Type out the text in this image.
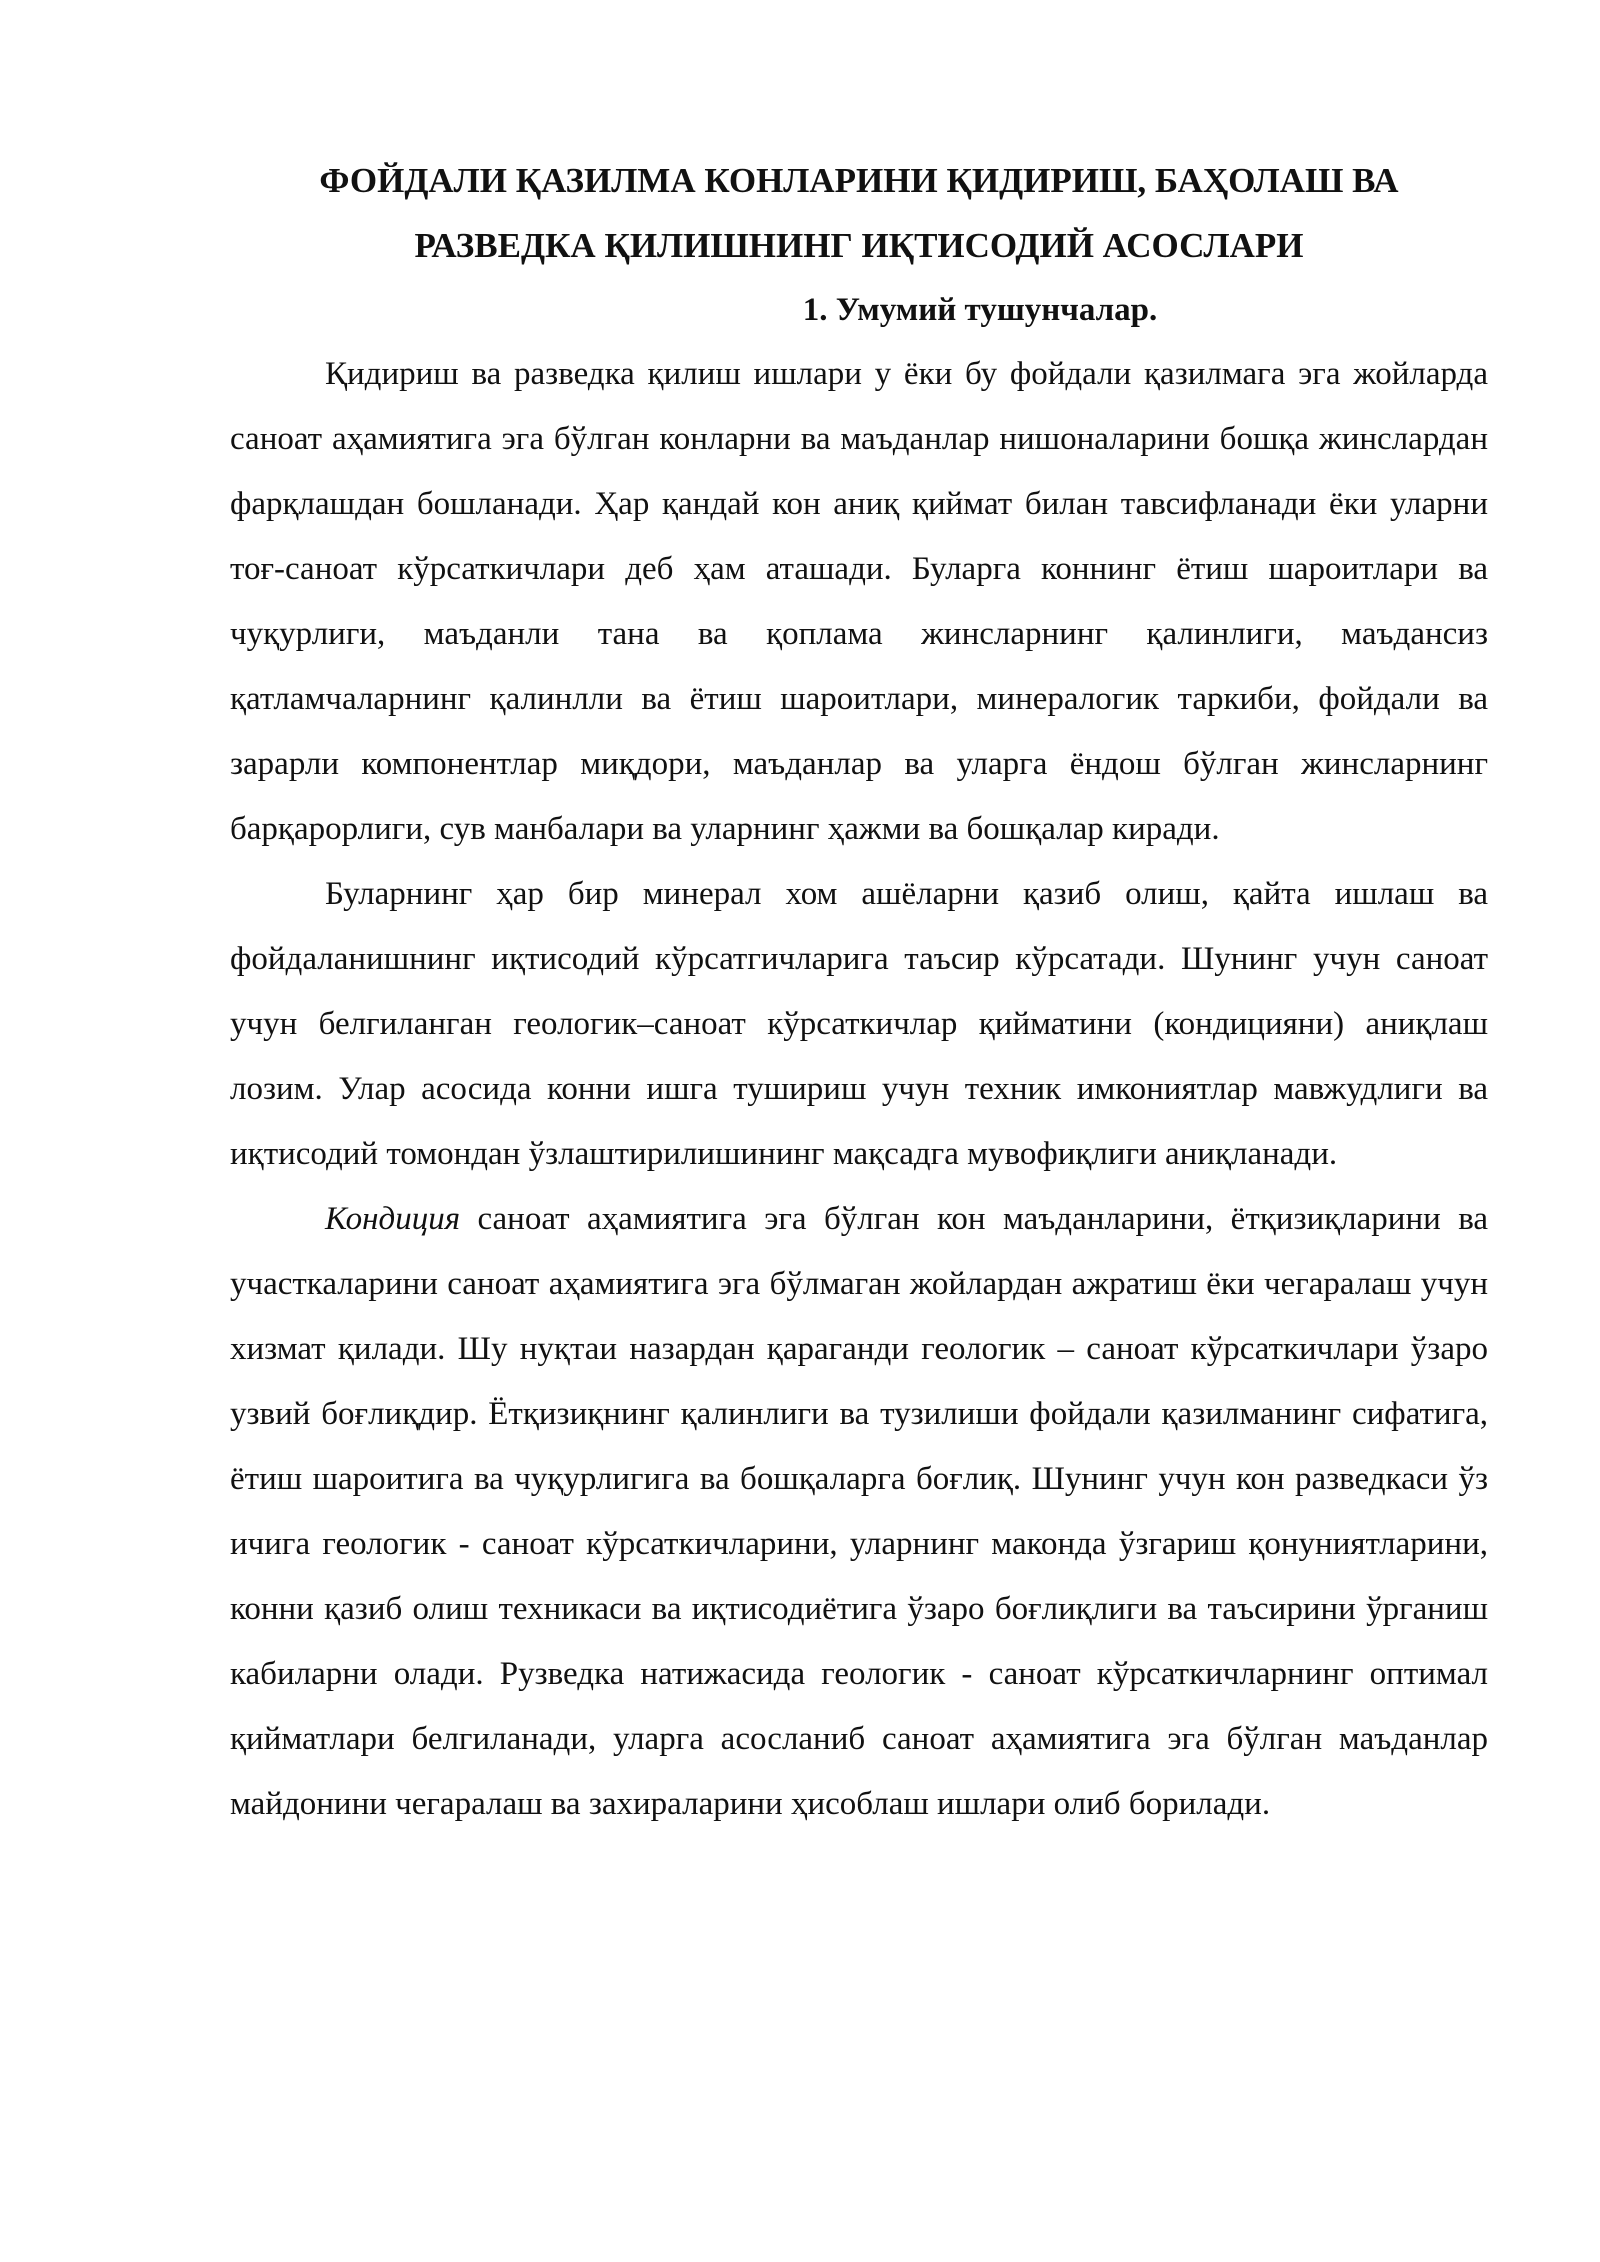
ФОЙДАЛИ ҚАЗИЛМА КОНЛАРИНИ ҚИДИРИШ, БАҲОЛАШ ВА

РАЗВЕДКА ҚИЛИШНИНГ ИҚТИСОДИЙ АСОСЛАРИ

1. Умумий тушунчалар.

Қидириш ва разведка қилиш ишлари у ёки бу фойдали қазилмага эга жойларда саноат аҳамиятига эга бўлган конларни ва маъданлар нишоналарини бошқа жинслардан фарқлашдан бошланади. Ҳар қандай кон аниқ қиймат билан тавсифланади ёки уларни тоғ-саноат кўрсаткичлари деб ҳам аташади. Буларга коннинг ётиш шароитлари ва чуқурлиги, маъданли тана ва қоплама жинсларнинг қалинлиги, маъдансиз қатламчаларнинг қалинлли ва ётиш шароитлари, минералогик таркиби, фойдали ва зарарли компонентлар миқдори, маъданлар ва уларга ёндош бўлган жинсларнинг барқарорлиги, сув манбалари ва уларнинг ҳажми ва бошқалар киради.

Буларнинг ҳар бир минерал хом ашёларни қазиб олиш, қайта ишлаш ва фойдаланишнинг иқтисодий кўрсатгичларига таъсир кўрсатади. Шунинг учун саноат учун белгиланган геологик–саноат кўрсаткичлар қийматини (кондицияни) аниқлаш лозим. Улар асосида конни ишга тушириш учун техник имкониятлар мавжудлиги ва иқтисодий томондан ўзлаштирилишининг мақсадга мувофиқлиги аниқланади.

Кондиция саноат аҳамиятига эга бўлган кон маъданларини, ётқизиқларини ва участкаларини саноат аҳамиятига эга бўлмаган жойлардан ажратиш ёки чегаралаш учун хизмат қилади. Шу нуқтаи назардан қараганди геологик – саноат кўрсаткичлари ўзаро узвий боғлиқдир. Ётқизиқнинг қалинлиги ва тузилиши фойдали қазилманинг сифатига, ётиш шароитига ва чуқурлигига ва бошқаларга боғлиқ. Шунинг учун кон разведкаси ўз ичига геологик - саноат кўрсаткичларини, уларнинг маконда ўзгариш қонуниятларини, конни қазиб олиш техникаси ва иқтисодиётига ўзаро боғлиқлиги ва таъсирини ўрганиш кабиларни олади. Рузведка натижасида геологик - саноат кўрсаткичларнинг оптимал қийматлари белгиланади, уларга асосланиб саноат аҳамиятига эга бўлган маъданлар майдонини чегаралаш ва захираларини ҳисоблаш ишлари олиб борилади.
